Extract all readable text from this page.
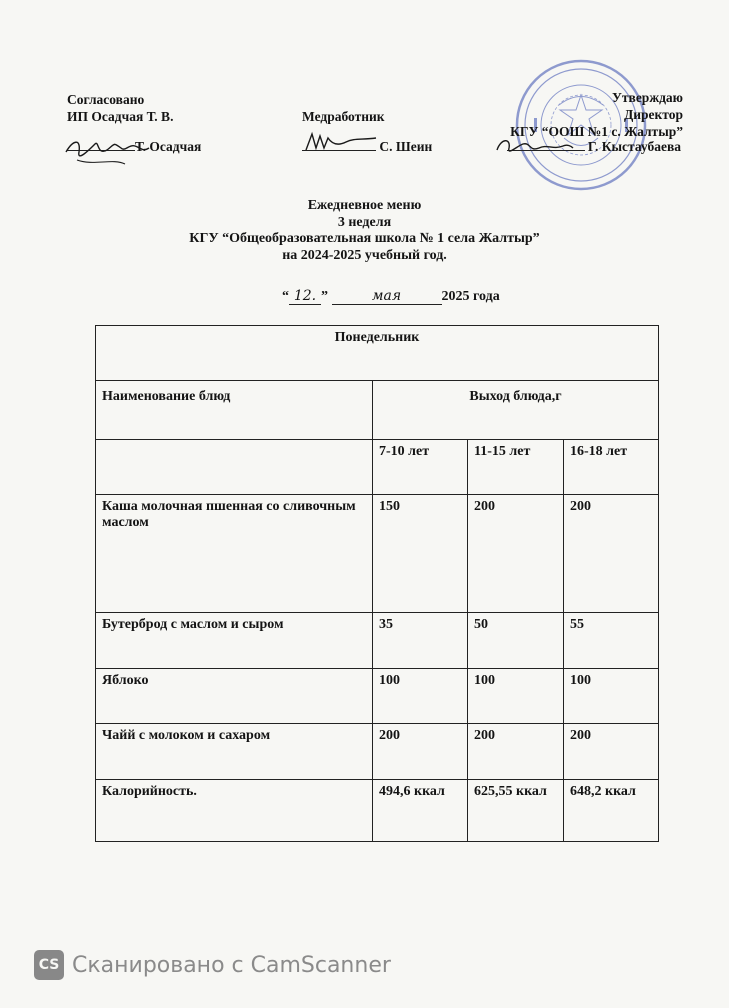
Согласовано
ИП Осадчая Т. В.
Т. Осадчая
Медработник
С. Шеин
Утверждаю
Директор
КГУ “ООШ №1 с. Жалтыр”
Г. Кыстаубаева
Ежедневное меню
3 неделя
КГУ “Общеобразовательная школа № 1 села Жалтыр”
на 2024-2025 учебный год.
“ 12. ”	мая	2025 года
Понедельник			
Наименование блюд	Выход блюда,г		
	7-10 лет	11-15 лет	16-18 лет
Каша молочная пшенная со сливочным маслом	150	200	200
Бутерброд с маслом и сыром	35	50	55
Яблоко	100	100	100
Чайй с молоком и сахаром	200	200	200
Калорийность.	494,6 ккал	625,55 ккал	648,2 ккал
CS Сканировано с CamScanner
